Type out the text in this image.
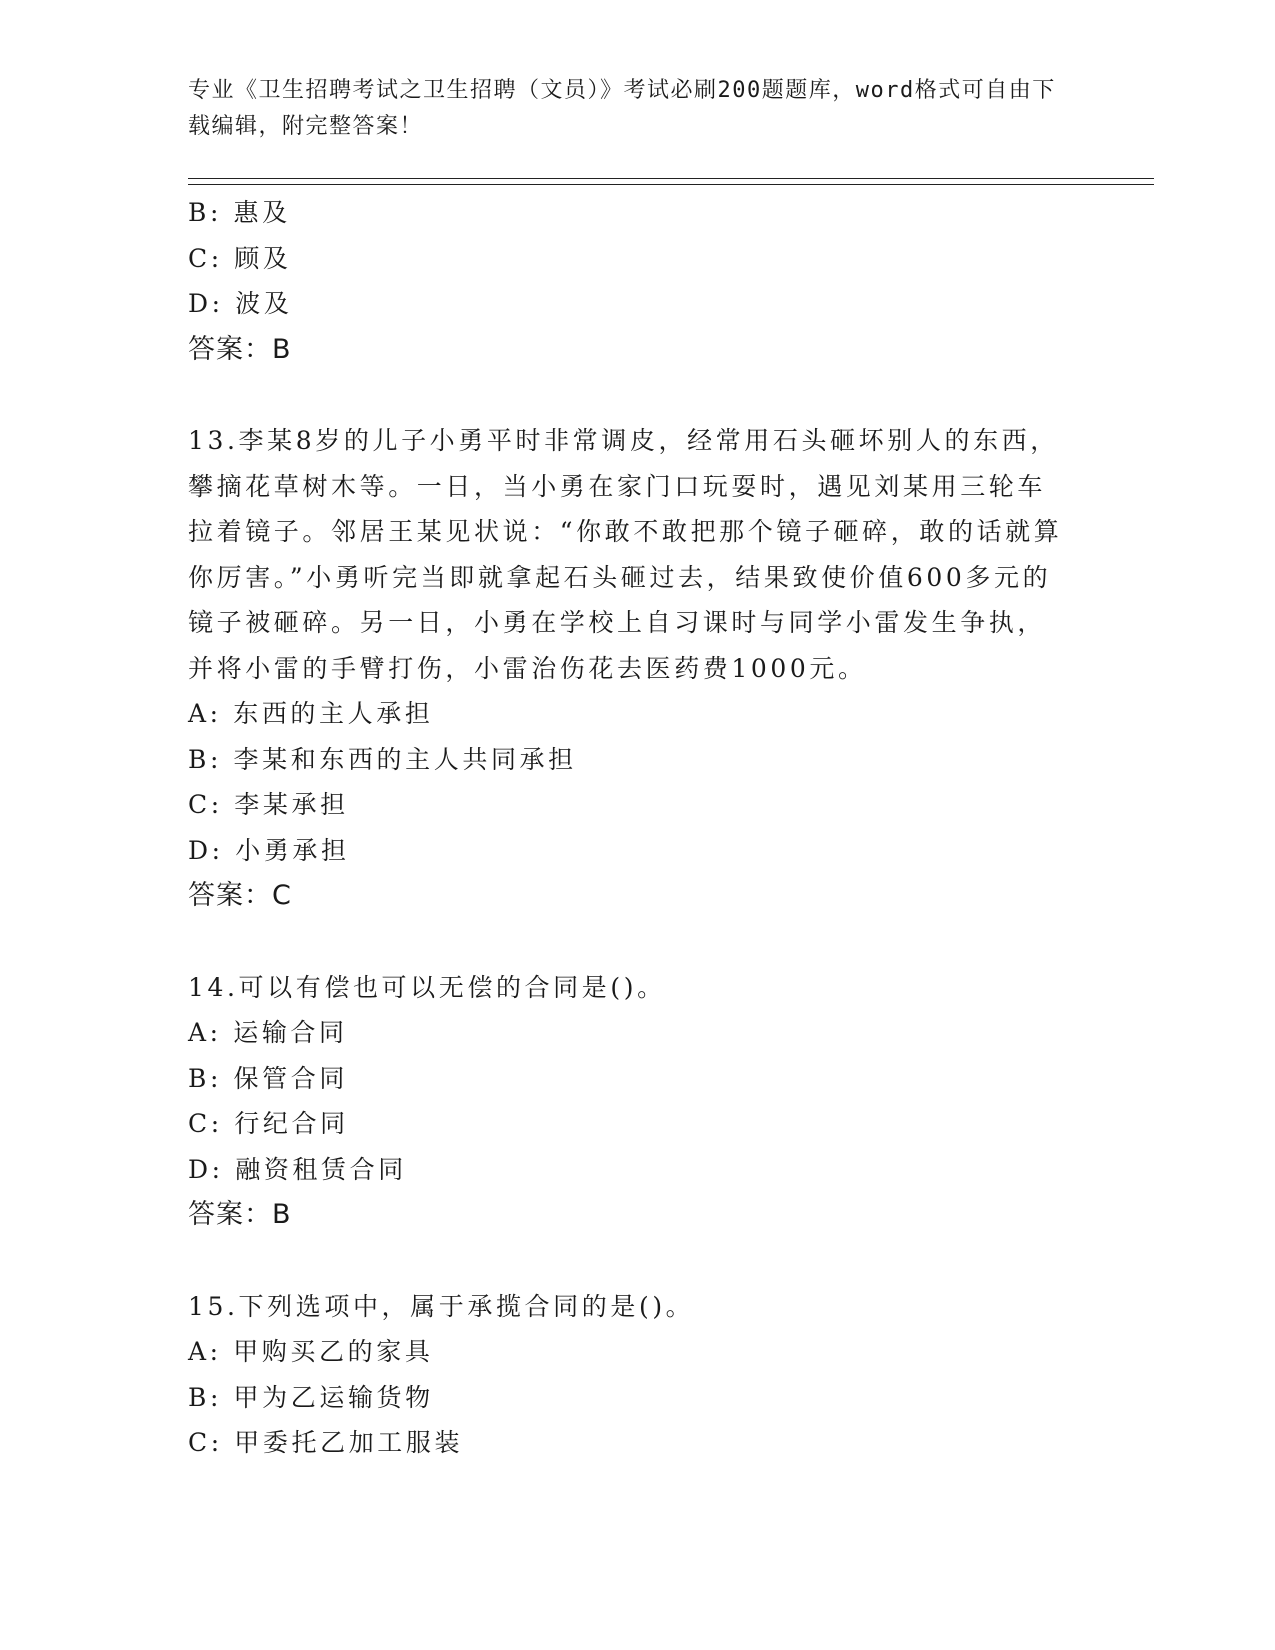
专业《卫生招聘考试之卫生招聘（文员）》考试必刷200题题库，word格式可自由下载编辑，附完整答案！
B: 惠及
C: 顾及
D: 波及
答案：B
13.李某8岁的儿子小勇平时非常调皮，经常用石头砸坏别人的东西，攀摘花草树木等。一日，当小勇在家门口玩耍时，遇见刘某用三轮车拉着镜子。邻居王某见状说：“你敢不敢把那个镜子砸碎，敢的话就算你厉害。”小勇听完当即就拿起石头砸过去，结果致使价值600多元的镜子被砸碎。另一日，小勇在学校上自习课时与同学小雷发生争执，并将小雷的手臂打伤，小雷治伤花去医药费1000元。
A: 东西的主人承担
B: 李某和东西的主人共同承担
C: 李某承担
D: 小勇承担
答案：C
14.可以有偿也可以无偿的合同是()。
A: 运输合同
B: 保管合同
C: 行纪合同
D: 融资租赁合同
答案：B
15.下列选项中，属于承揽合同的是()。
A: 甲购买乙的家具
B: 甲为乙运输货物
C: 甲委托乙加工服装
